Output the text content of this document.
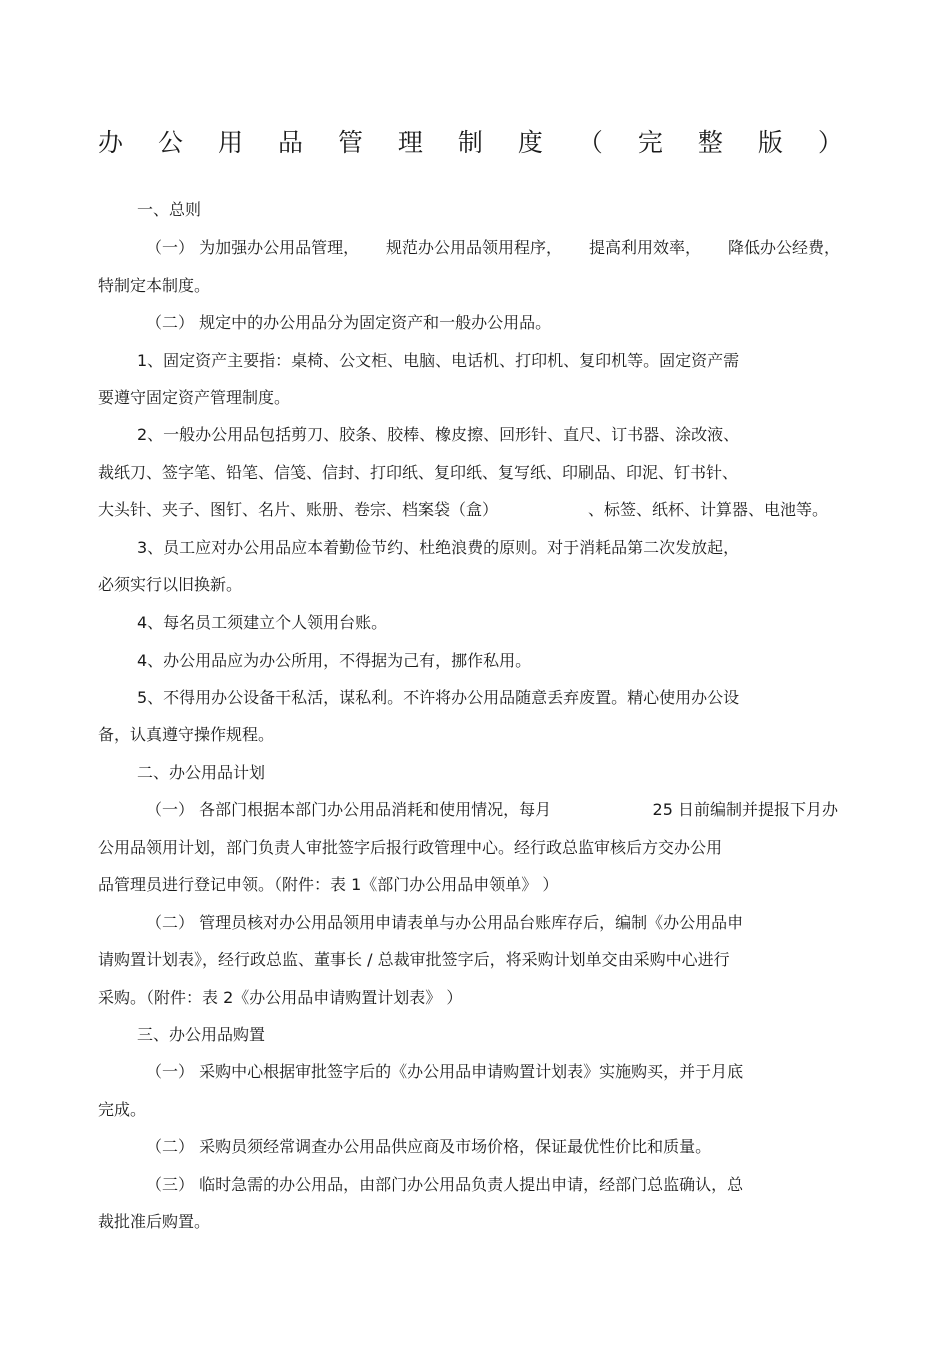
办 公 用 品 管 理 制 度 （ 完 整 版 ）
一、总则
（一） 为加强办公用品管理， 规范办公用品领用程序， 提高利用效率， 降低办公经费，
特制定本制度。
（二） 规定中的办公用品分为固定资产和一般办公用品。
1、固定资产主要指：桌椅、公文柜、电脑、电话机、打印机、复印机等。固定资产需
要遵守固定资产管理制度。
2、一般办公用品包括剪刀、胶条、胶棒、橡皮擦、回形针、直尺、订书器、涂改液、
裁纸刀、签字笔、铅笔、信笺、信封、打印纸、复印纸、复写纸、印刷品、印泥、钉书针、
大头针、夹子、图钉、名片、账册、卷宗、档案袋（盒）	、标签、纸杯、计算器、电池等。
3、员工应对办公用品应本着勤俭节约、杜绝浪费的原则。对于消耗品第二次发放起，
必须实行以旧换新。
4、每名员工须建立个人领用台账。
4、办公用品应为办公所用，不得据为己有，挪作私用。
5、不得用办公设备干私活，谋私利。不许将办公用品随意丢弃废置。精心使用办公设
备，认真遵守操作规程。
二、办公用品计划
（一） 各部门根据本部门办公用品消耗和使用情况，每月	25 日前编制并提报下月办
公用品领用计划，部门负责人审批签字后报行政管理中心。经行政总监审核后方交办公用
品管理员进行登记申领。（附件：表 1《部门办公用品申领单》 ）
（二） 管理员核对办公用品领用申请表单与办公用品台账库存后，编制《办公用品申
请购置计划表》，经行政总监、董事长 / 总裁审批签字后，将采购计划单交由采购中心进行
采购。（附件：表 2《办公用品申请购置计划表》 ）
三、办公用品购置
（一） 采购中心根据审批签字后的《办公用品申请购置计划表》实施购买，并于月底
完成。
（二） 采购员须经常调查办公用品供应商及市场价格，保证最优性价比和质量。
（三） 临时急需的办公用品，由部门办公用品负责人提出申请，经部门总监确认，总
裁批准后购置。
